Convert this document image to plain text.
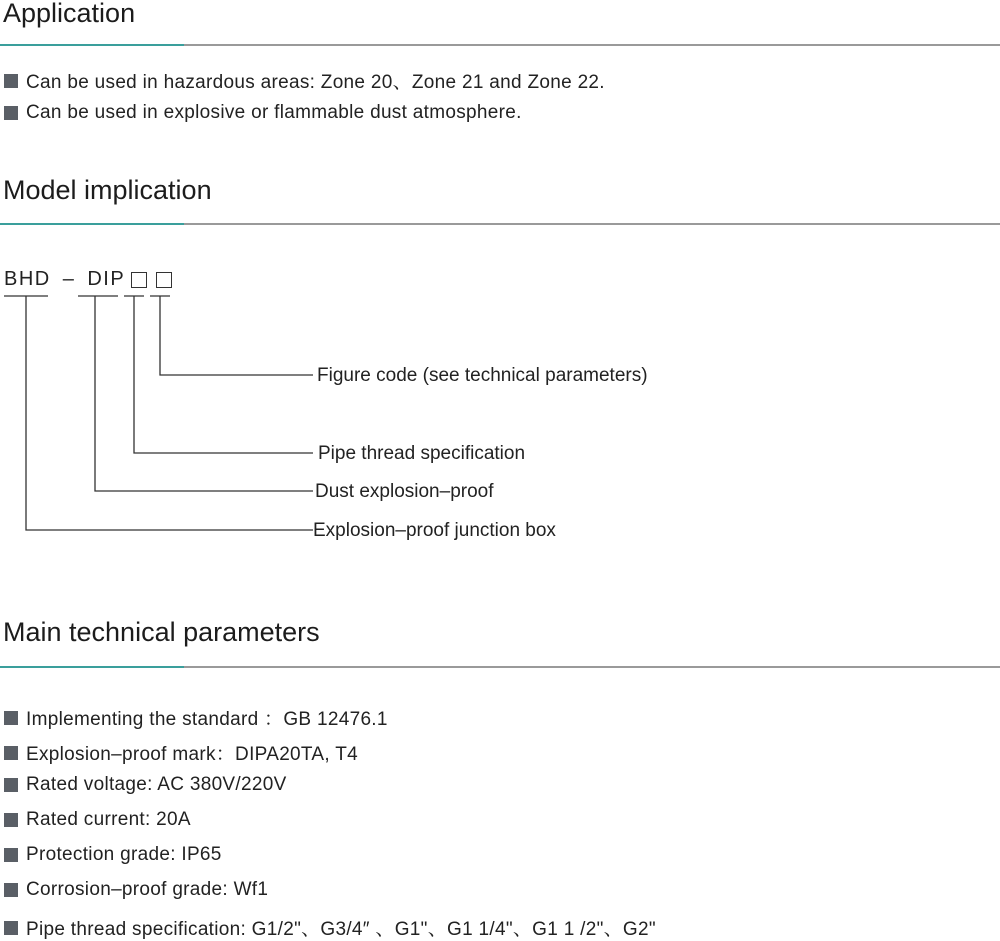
Application
Can be used in hazardous areas: Zone 20、Zone 21 and Zone 22.
Can be used in explosive or flammable dust atmosphere.
Model implication
BHD – DIP
Figure code (see technical parameters)
Pipe thread specification
Dust explosion–proof
Explosion–proof junction box
Main technical parameters
Implementing the standard ：GB 12476.1
Explosion–proof mark：DIPA20TA, T4
Rated voltage: AC 380V/220V
Rated current: 20A
Protection grade: IP65
Corrosion–proof grade: Wf1
Pipe thread specification: G1/2"、G3/4″ 、G1"、G1 1/4"、G1 1 /2"、G2"
